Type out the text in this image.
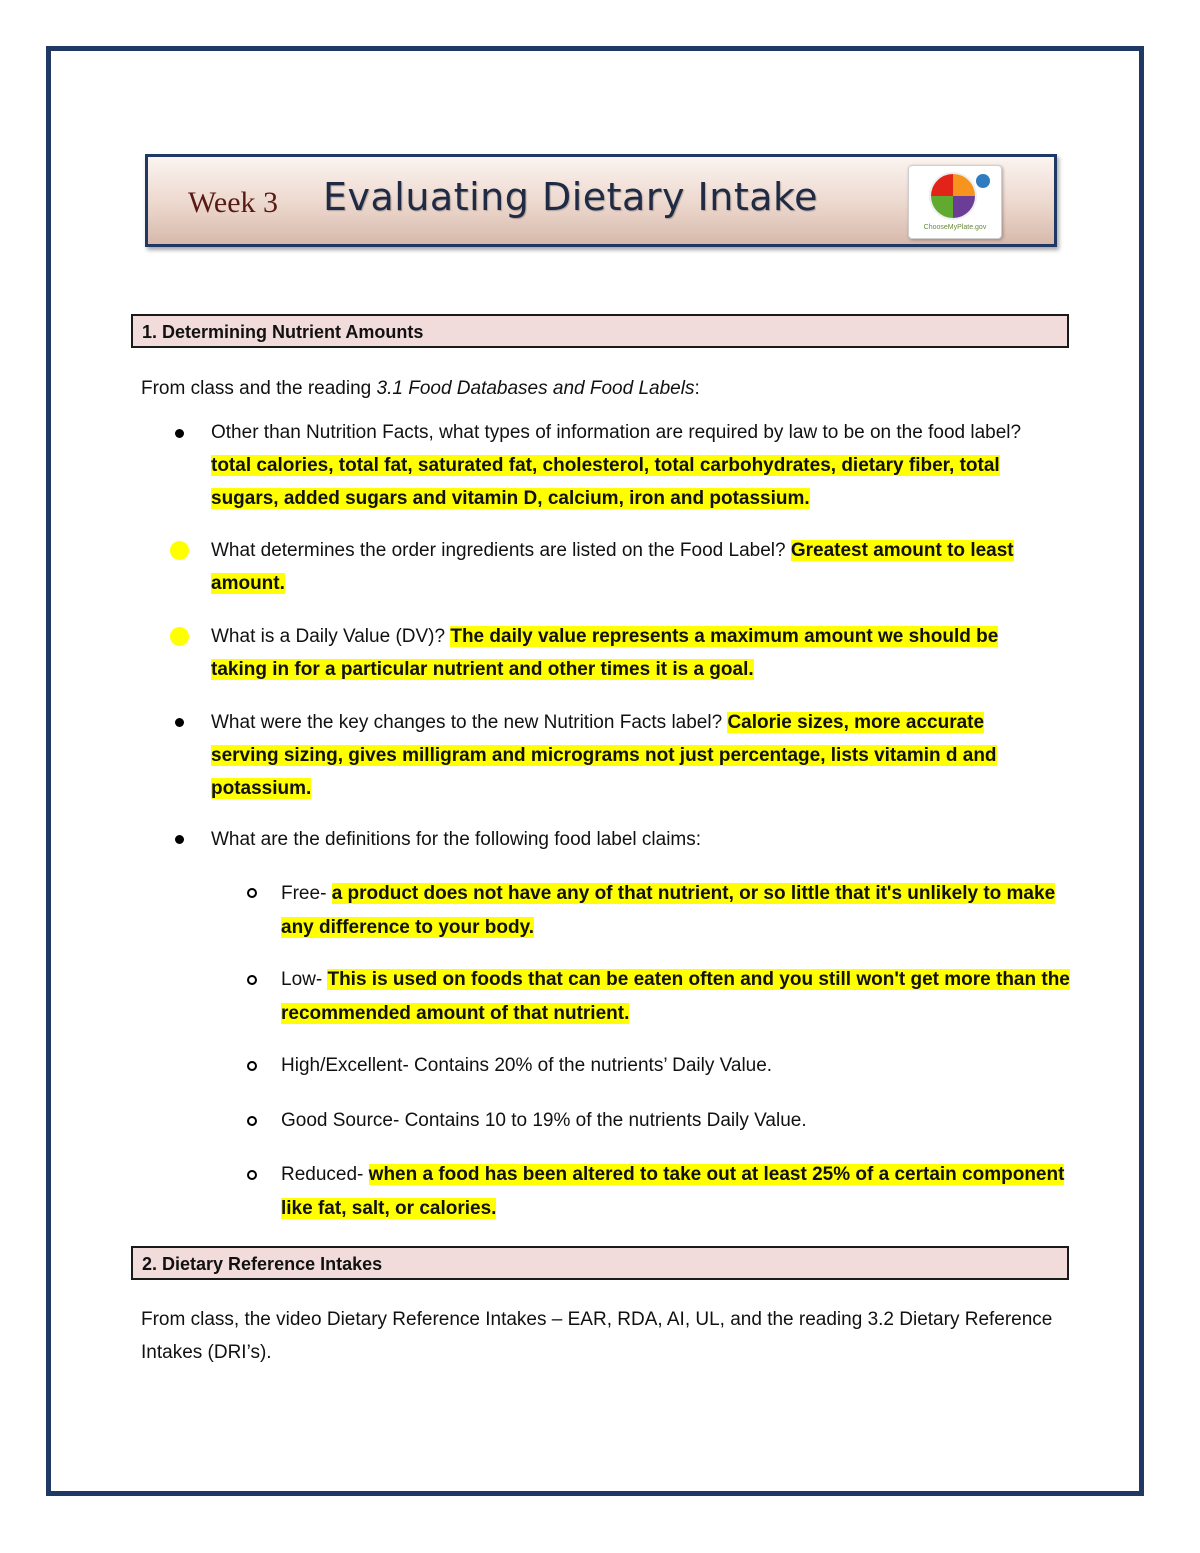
Week 3 Evaluating Dietary Intake
ChooseMyPlate.gov
1. Determining Nutrient Amounts
From class and the reading 3.1 Food Databases and Food Labels:
Other than Nutrition Facts, what types of information are required by law to be on the food label? total calories, total fat, saturated fat, cholesterol, total carbohydrates, dietary fiber, total sugars, added sugars and vitamin D, calcium, iron and potassium.
What determines the order ingredients are listed on the Food Label? Greatest amount to least amount.
What is a Daily Value (DV)? The daily value represents a maximum amount we should be taking in for a particular nutrient and other times it is a goal.
What were the key changes to the new Nutrition Facts label? Calorie sizes, more accurate serving sizing, gives milligram and micrograms not just percentage, lists vitamin d and potassium.
What are the definitions for the following food label claims:
Free- a product does not have any of that nutrient, or so little that it's unlikely to make any difference to your body.
Low- This is used on foods that can be eaten often and you still won't get more than the recommended amount of that nutrient.
High/Excellent- Contains 20% of the nutrients’ Daily Value.
Good Source- Contains 10 to 19% of the nutrients Daily Value.
Reduced- when a food has been altered to take out at least 25% of a certain component like fat, salt, or calories.
2. Dietary Reference Intakes
From class, the video Dietary Reference Intakes – EAR, RDA, AI, UL, and the reading 3.2 Dietary Reference Intakes (DRI’s).
